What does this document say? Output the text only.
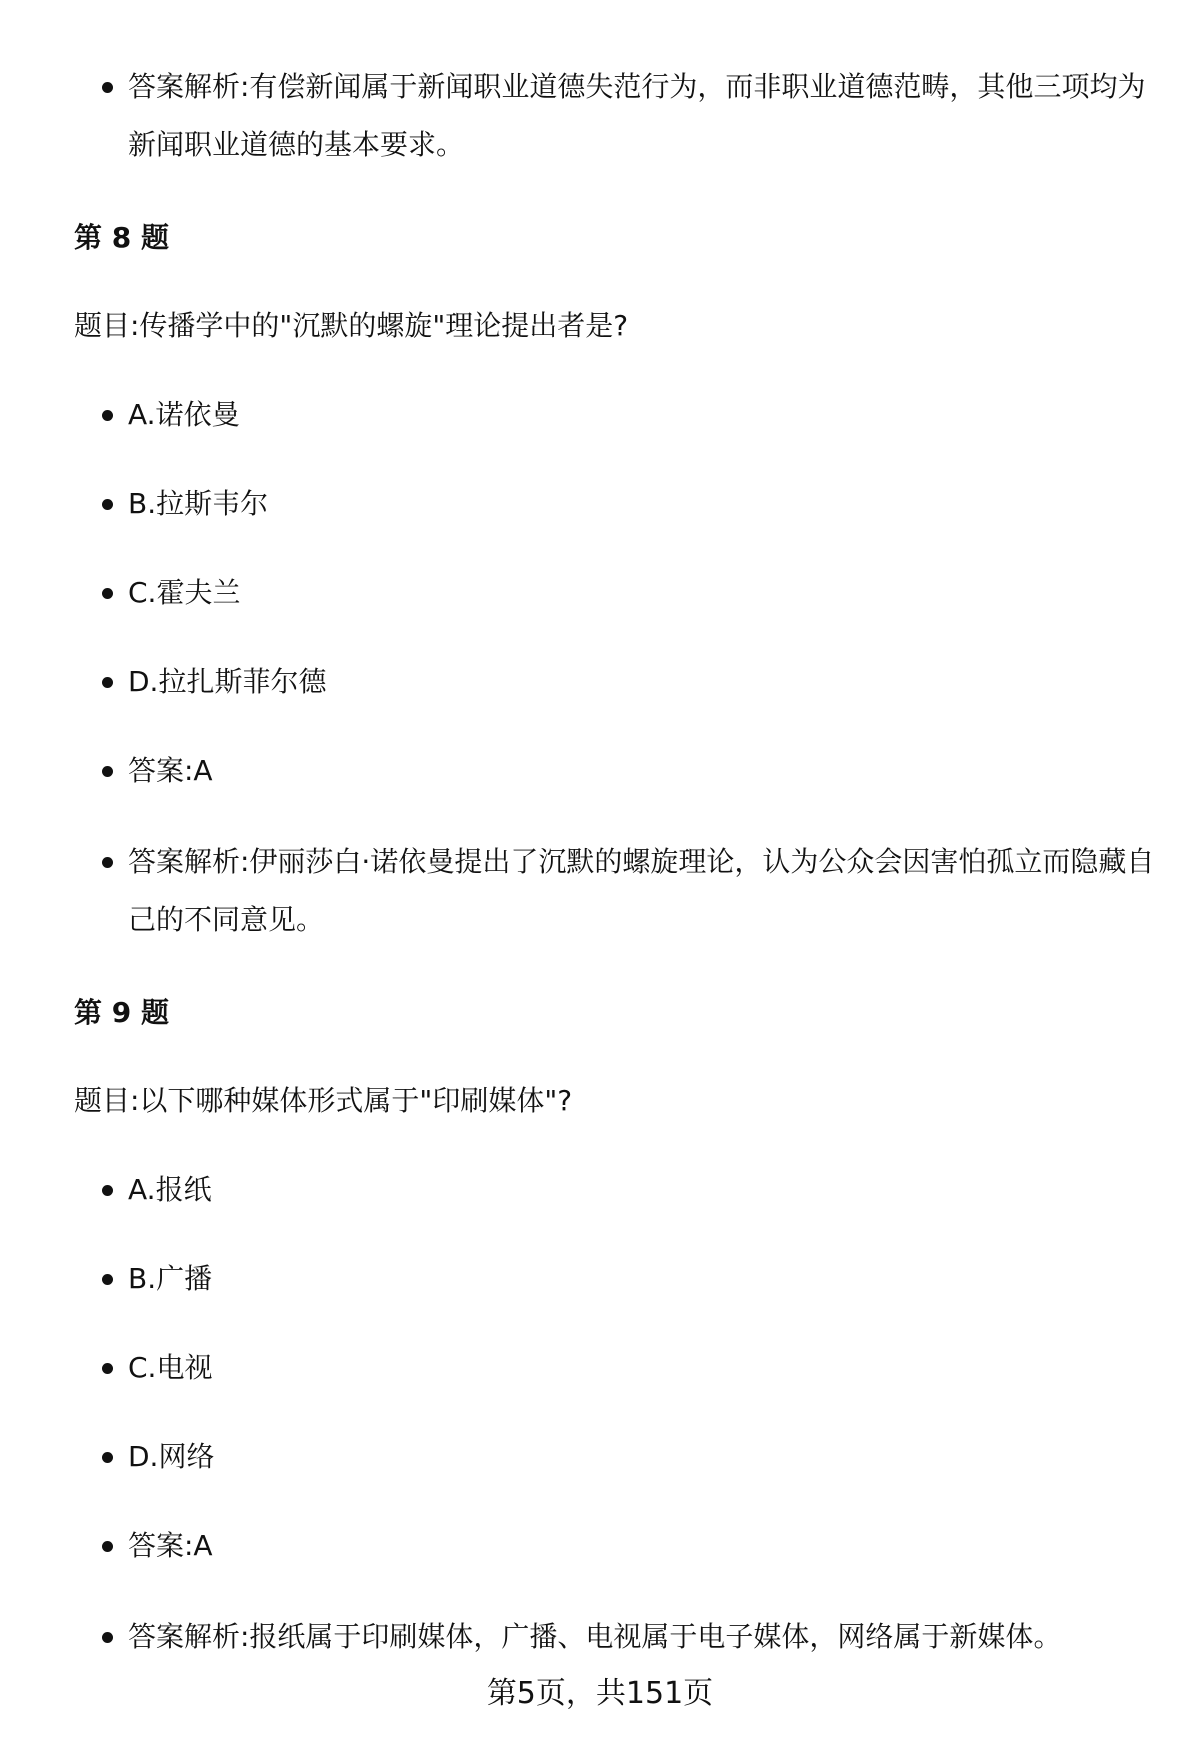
答案解析:有偿新闻属于新闻职业道德失范行为，而非职业道德范畴，其他三项均为新闻职业道德的基本要求。
第 8 题
题目:传播学中的"沉默的螺旋"理论提出者是?
A.诺依曼
B.拉斯韦尔
C.霍夫兰
D.拉扎斯菲尔德
答案:A
答案解析:伊丽莎白·诺依曼提出了沉默的螺旋理论，认为公众会因害怕孤立而隐藏自己的不同意见。
第 9 题
题目:以下哪种媒体形式属于"印刷媒体"?
A.报纸
B.广播
C.电视
D.网络
答案:A
答案解析:报纸属于印刷媒体，广播、电视属于电子媒体，网络属于新媒体。
第5页，共151页
